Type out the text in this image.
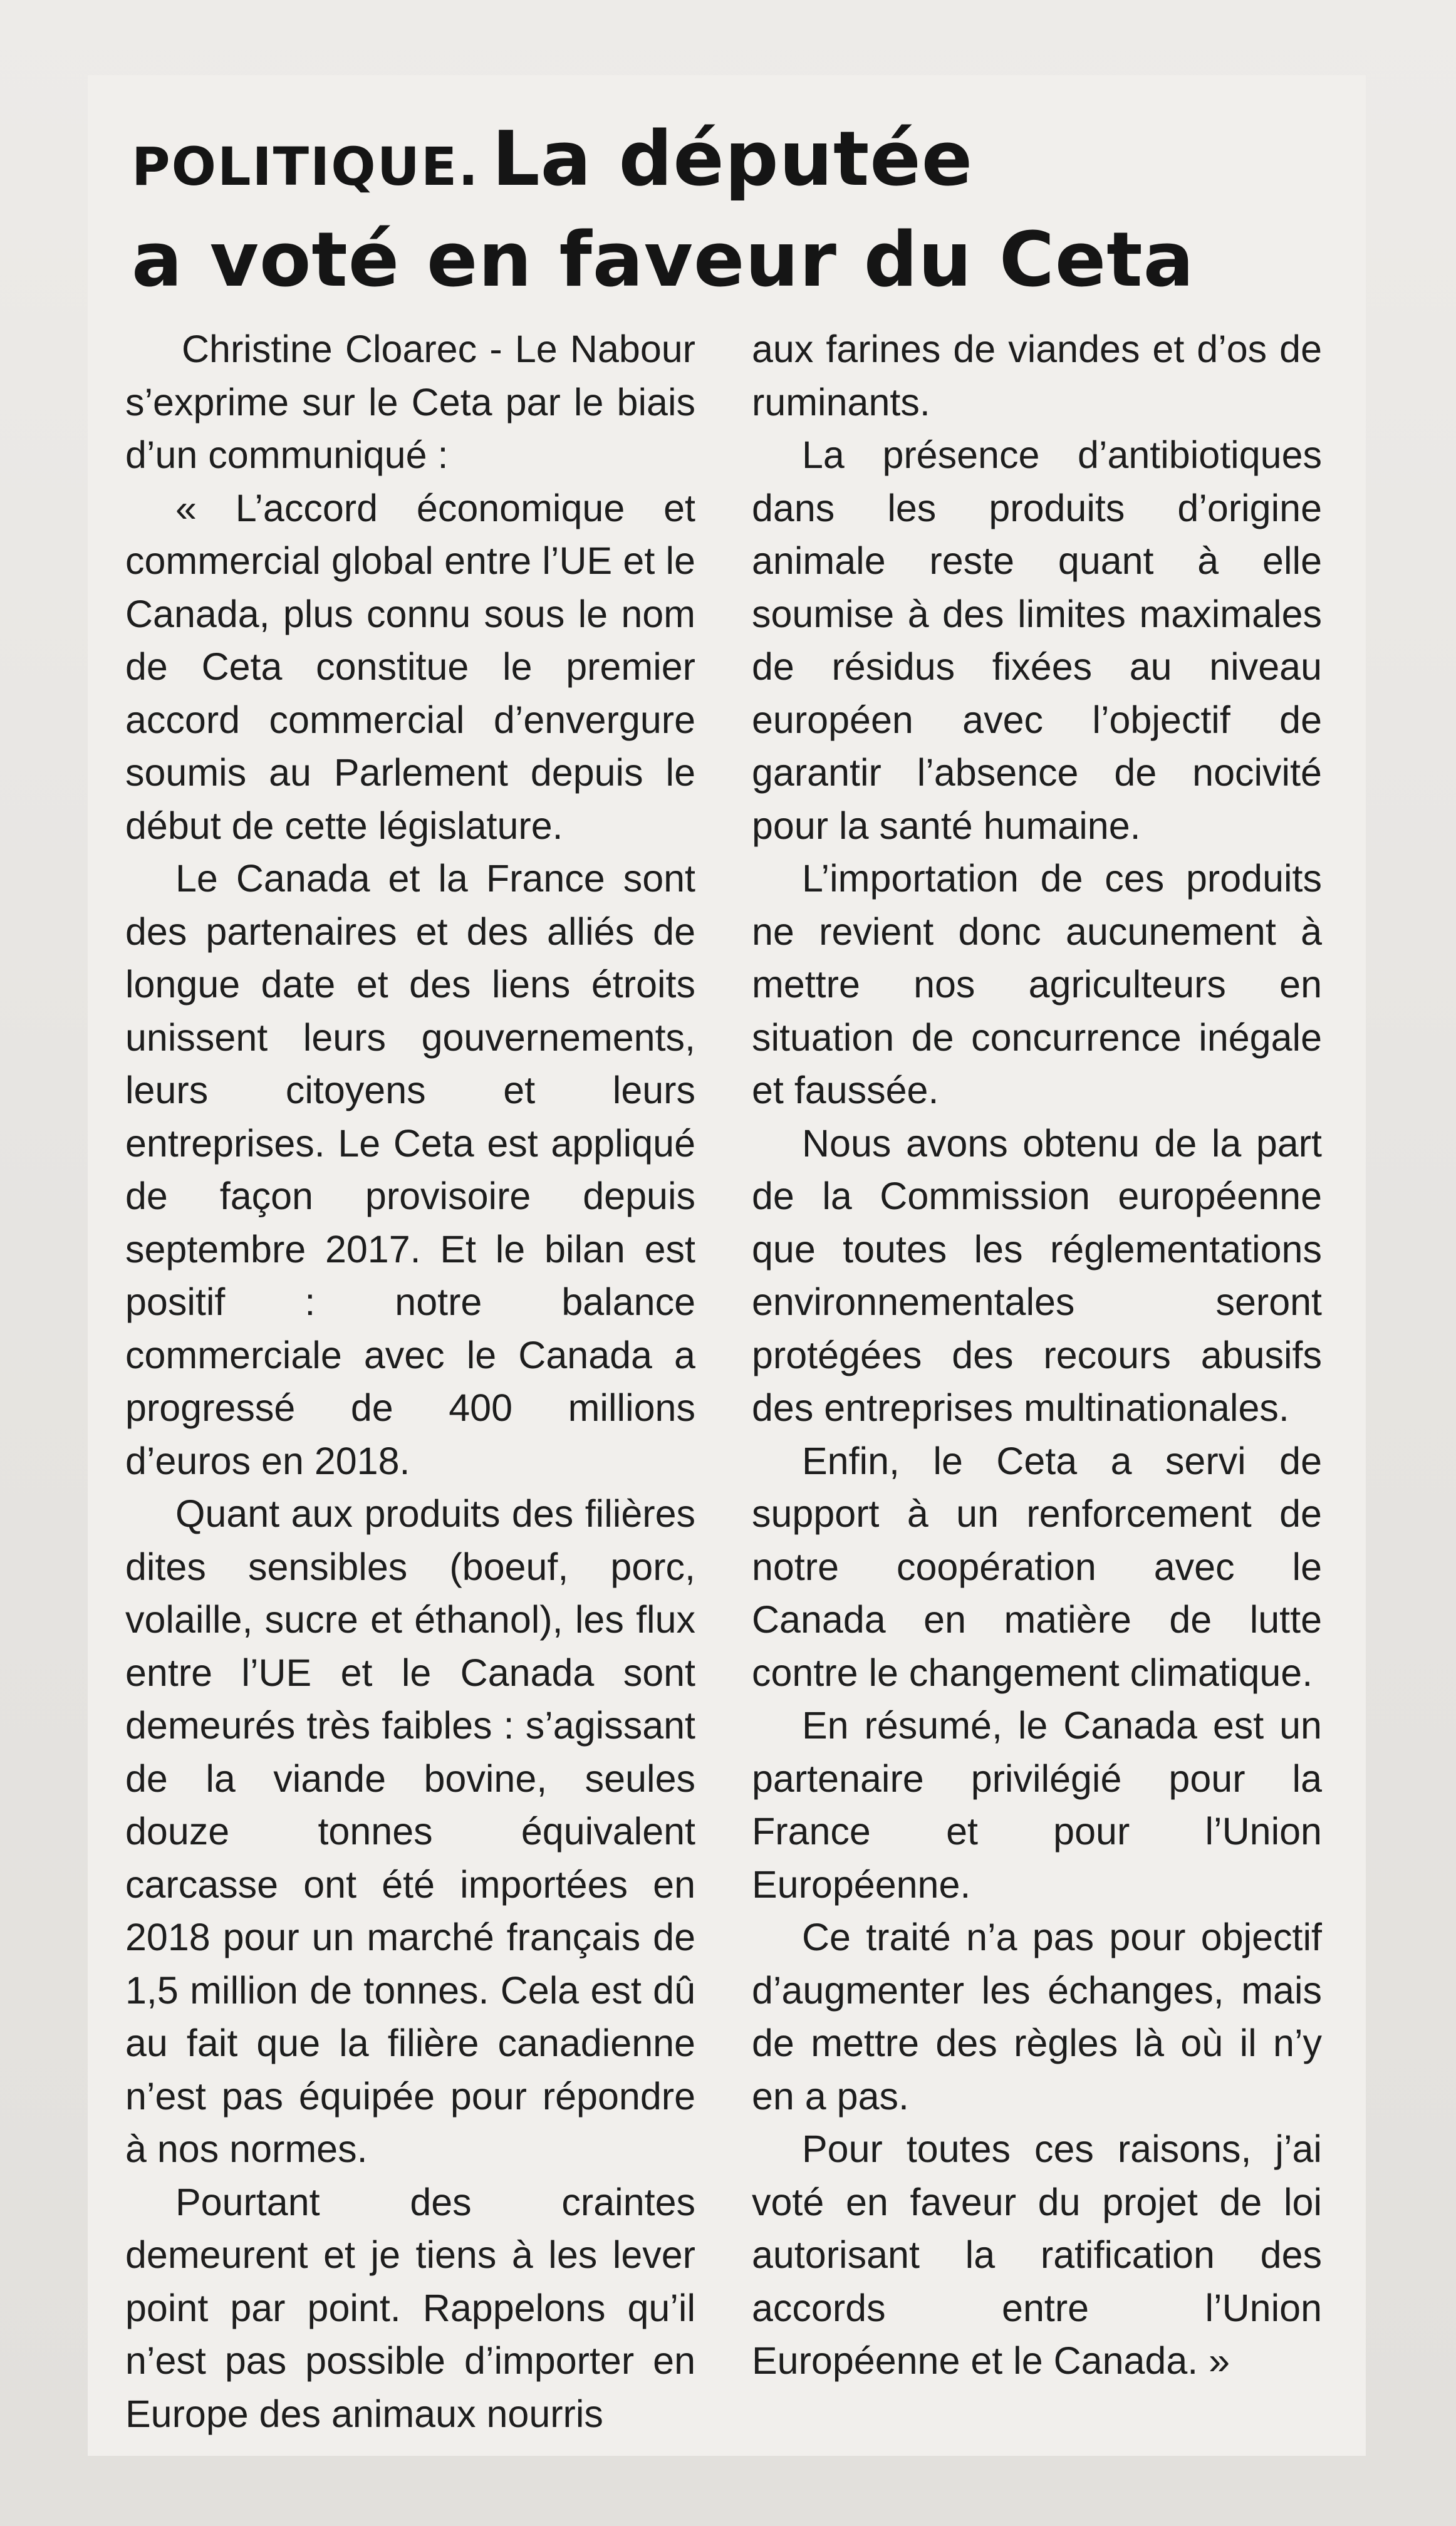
POLITIQUE. La députée
a voté en faveur du Ceta

Christine Cloarec - Le Nabour s’exprime sur le Ceta par le biais d’un communiqué :

« L’accord économique et commercial global entre l’UE et le Canada, plus connu sous le nom de Ceta constitue le premier accord commercial d’envergure soumis au Parlement depuis le début de cette législature.

Le Canada et la France sont des partenaires et des alliés de longue date et des liens étroits unissent leurs gouvernements, leurs citoyens et leurs entreprises. Le Ceta est appliqué de façon provisoire depuis septembre 2017. Et le bilan est positif : notre balance commerciale avec le Canada a progressé de 400 millions d’euros en 2018.

Quant aux produits des filières dites sensibles (boeuf, porc, volaille, sucre et éthanol), les flux entre l’UE et le Canada sont demeurés très faibles : s’agissant de la viande bovine, seules douze tonnes équivalent carcasse ont été importées en 2018 pour un marché français de 1,5 million de tonnes. Cela est dû au fait que la filière canadienne n’est pas équipée pour répondre à nos normes.

Pourtant des craintes demeurent et je tiens à les lever point par point. Rappelons qu’il n’est pas possible d’importer en Europe des animaux nourris

aux farines de viandes et d’os de ruminants.

La présence d’antibiotiques dans les produits d’origine animale reste quant à elle soumise à des limites maximales de résidus fixées au niveau européen avec l’objectif de garantir l’absence de nocivité pour la santé humaine.

L’importation de ces produits ne revient donc aucunement à mettre nos agriculteurs en situation de concurrence inégale et faussée.

Nous avons obtenu de la part de la Commission européenne que toutes les réglementations environnementales seront protégées des recours abusifs des entreprises multinationales.

Enfin, le Ceta a servi de support à un renforcement de notre coopération avec le Canada en matière de lutte contre le changement climatique.

En résumé, le Canada est un partenaire privilégié pour la France et pour l’Union Européenne.

Ce traité n’a pas pour objectif d’augmenter les échanges, mais de mettre des règles là où il n’y en a pas.

Pour toutes ces raisons, j’ai voté en faveur du projet de loi autorisant la ratification des accords entre l’Union Européenne et le Canada. »
